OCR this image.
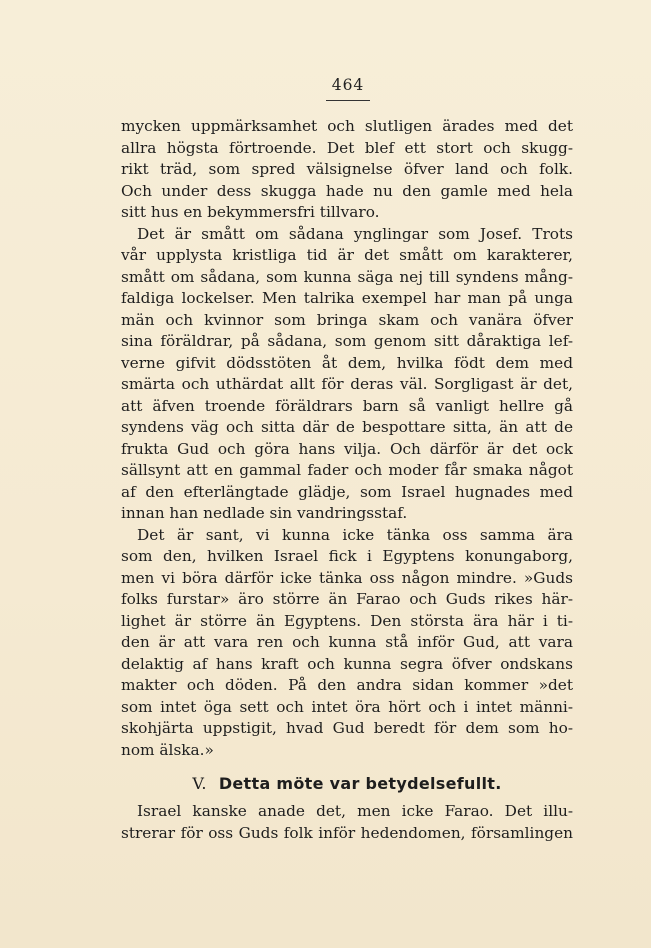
464
mycken uppmärksamhet och slutligen ärades med det
allra högsta förtroende. Det blef ett stort och skugg-
rikt träd, som spred välsignelse öfver land och folk.
Och under dess skugga hade nu den gamle med hela
sitt hus en bekymmersfri tillvaro.
Det är smått om sådana ynglingar som Josef. Trots
vår upplysta kristliga tid är det smått om karakterer,
smått om sådana, som kunna säga nej till syndens mång-
faldiga lockelser. Men talrika exempel har man på unga
män och kvinnor som bringa skam och vanära öfver
sina föräldrar, på sådana, som genom sitt dåraktiga lef-
verne gifvit dödsstöten åt dem, hvilka födt dem med
smärta och uthärdat allt för deras väl. Sorgligast är det,
att äfven troende föräldrars barn så vanligt hellre gå
syndens väg och sitta där de bespottare sitta, än att de
frukta Gud och göra hans vilja. Och därför är det ock
sällsynt att en gammal fader och moder får smaka något
af den efterlängtade glädje, som Israel hugnades med
innan han nedlade sin vandringsstaf.
Det är sant, vi kunna icke tänka oss samma ära
som den, hvilken Israel fick i Egyptens konungaborg,
men vi böra därför icke tänka oss någon mindre. »Guds
folks furstar» äro större än Farao och Guds rikes här-
lighet är större än Egyptens. Den största ära här i ti-
den är att vara ren och kunna stå inför Gud, att vara
delaktig af hans kraft och kunna segra öfver ondskans
makter och döden. På den andra sidan kommer »det
som intet öga sett och intet öra hört och i intet männi-
skohjärta uppstigit, hvad Gud beredt för dem som ho-
nom älska.»
V. Detta möte var betydelsefullt.
Israel kanske anade det, men icke Farao. Det illu-
strerar för oss Guds folk inför hedendomen, församlingen
